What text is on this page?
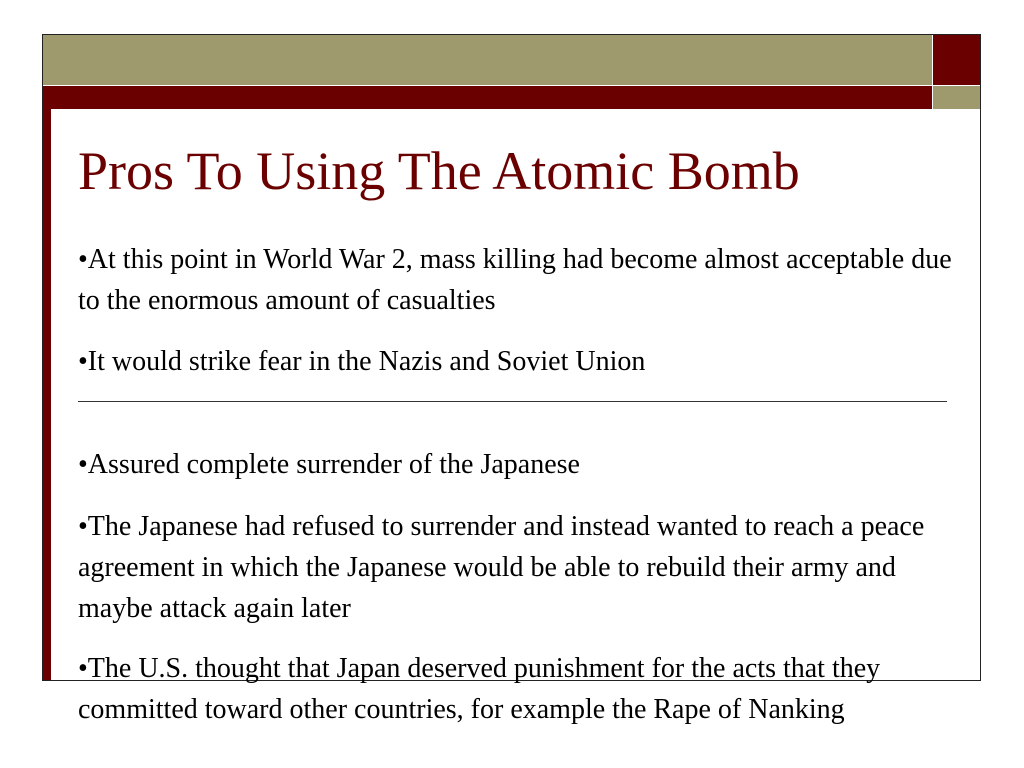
Pros To Using The Atomic Bomb

•At this point in World War 2, mass killing had become almost acceptable due to the enormous amount of casualties

•It would strike fear in the Nazis and Soviet Union

•Assured complete surrender of the Japanese

•The Japanese had refused to surrender and instead wanted to reach a peace agreement in which the Japanese would be able to rebuild their army and maybe attack again later

•The U.S. thought that Japan deserved punishment for the acts that they committed toward other countries, for example the Rape of Nanking
